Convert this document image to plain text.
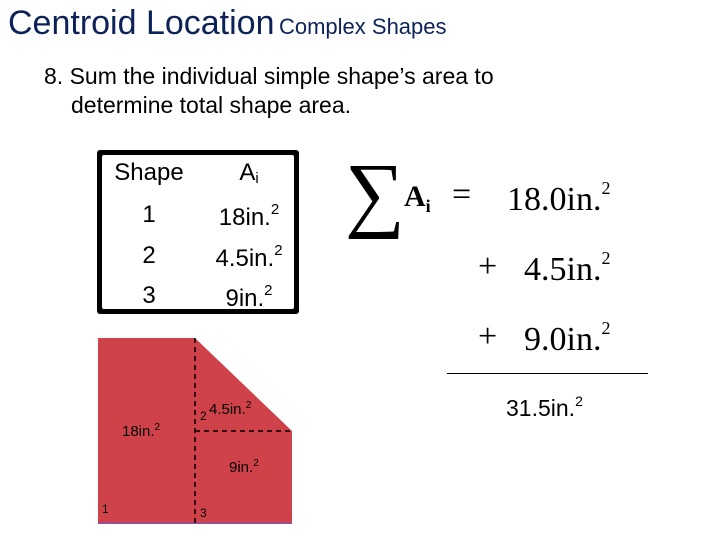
Centroid Location Complex Shapes
8. Sum the individual simple shape’s area to
determine total shape area.
Shape	$A_i$
1	18in.$^2$
2	4.5in.$^2$
3	9in.$^2$
∑ $A_i = 18.0in.^2$
+ 4.5in.$^2$
+ 9.0in.$^2$
31.5in.$^2$
18in.$^2$
4.5in.$^2$
9in.$^2$
1
2
3
